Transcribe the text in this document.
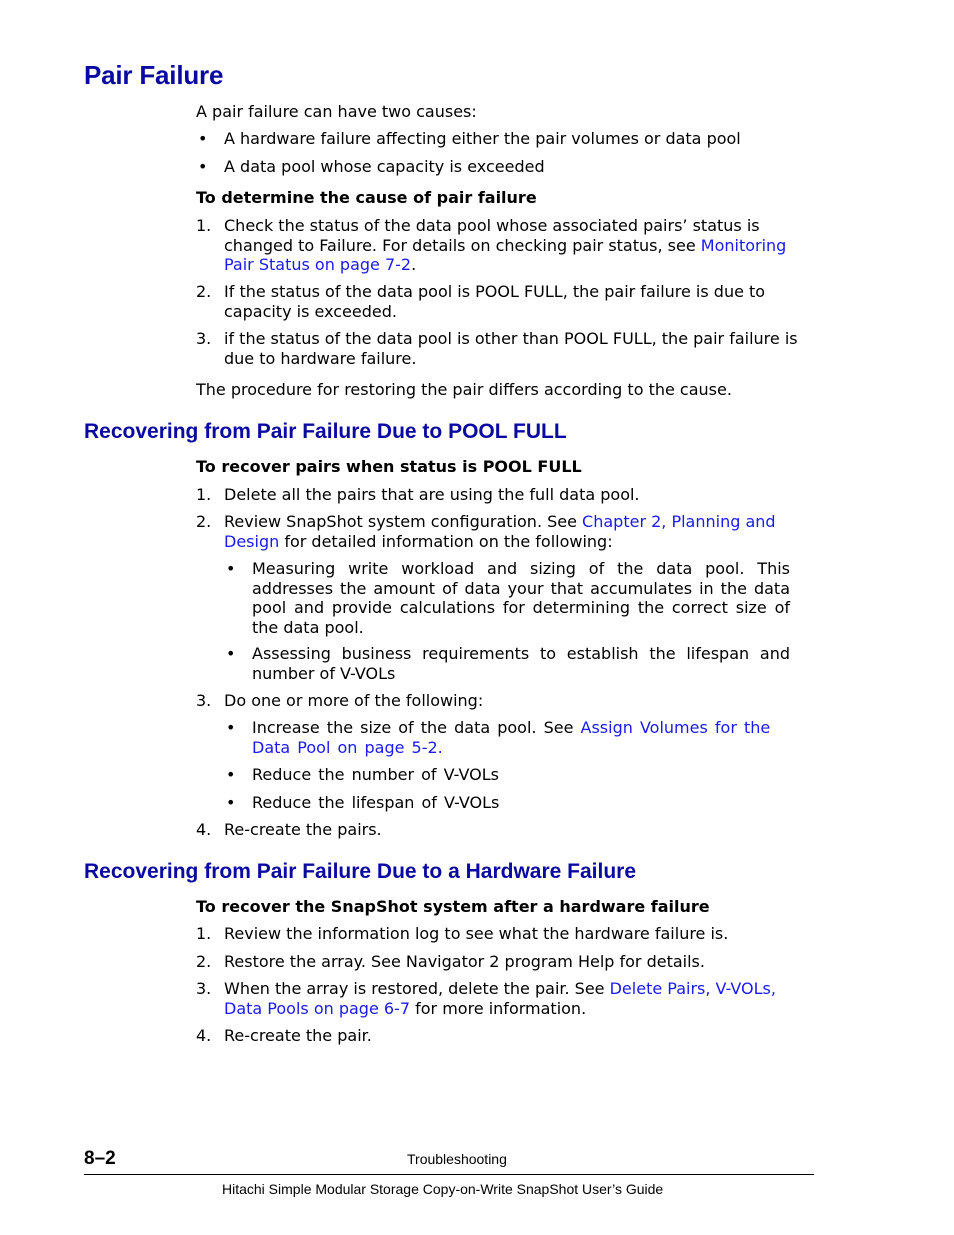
Pair Failure

A pair failure can have two causes:

• A hardware failure affecting either the pair volumes or data pool

• A data pool whose capacity is exceeded

To determine the cause of pair failure

1. Check the status of the data pool whose associated pairs’ status is
changed to Failure. For details on checking pair status, see Monitoring
Pair Status on page 7-2.

2. If the status of the data pool is POOL FULL, the pair failure is due to
capacity is exceeded.

3. if the status of the data pool is other than POOL FULL, the pair failure is
due to hardware failure.

The procedure for restoring the pair differs according to the cause.

Recovering from Pair Failure Due to POOL FULL

To recover pairs when status is POOL FULL

1. Delete all the pairs that are using the full data pool.

2. Review SnapShot system configuration. See Chapter 2, Planning and
Design for detailed information on the following:

• Measuring write workload and sizing of the data pool. This addresses the amount of data your that accumulates in the data pool and provide calculations for determining the correct size of the data pool.

• Assessing business requirements to establish the lifespan and number of V-VOLs

3. Do one or more of the following:

• Increase the size of the data pool. See Assign Volumes for the
Data Pool on page 5-2.

• Reduce the number of V-VOLs

• Reduce the lifespan of V-VOLs

4. Re-create the pairs.

Recovering from Pair Failure Due to a Hardware Failure

To recover the SnapShot system after a hardware failure

1. Review the information log to see what the hardware failure is.

2. Restore the array. See Navigator 2 program Help for details.

3. When the array is restored, delete the pair. See Delete Pairs, V-VOLs,
Data Pools on page 6-7 for more information.

4. Re-create the pair.

8–2	Troubleshooting
Hitachi Simple Modular Storage Copy-on-Write SnapShot User’s Guide
